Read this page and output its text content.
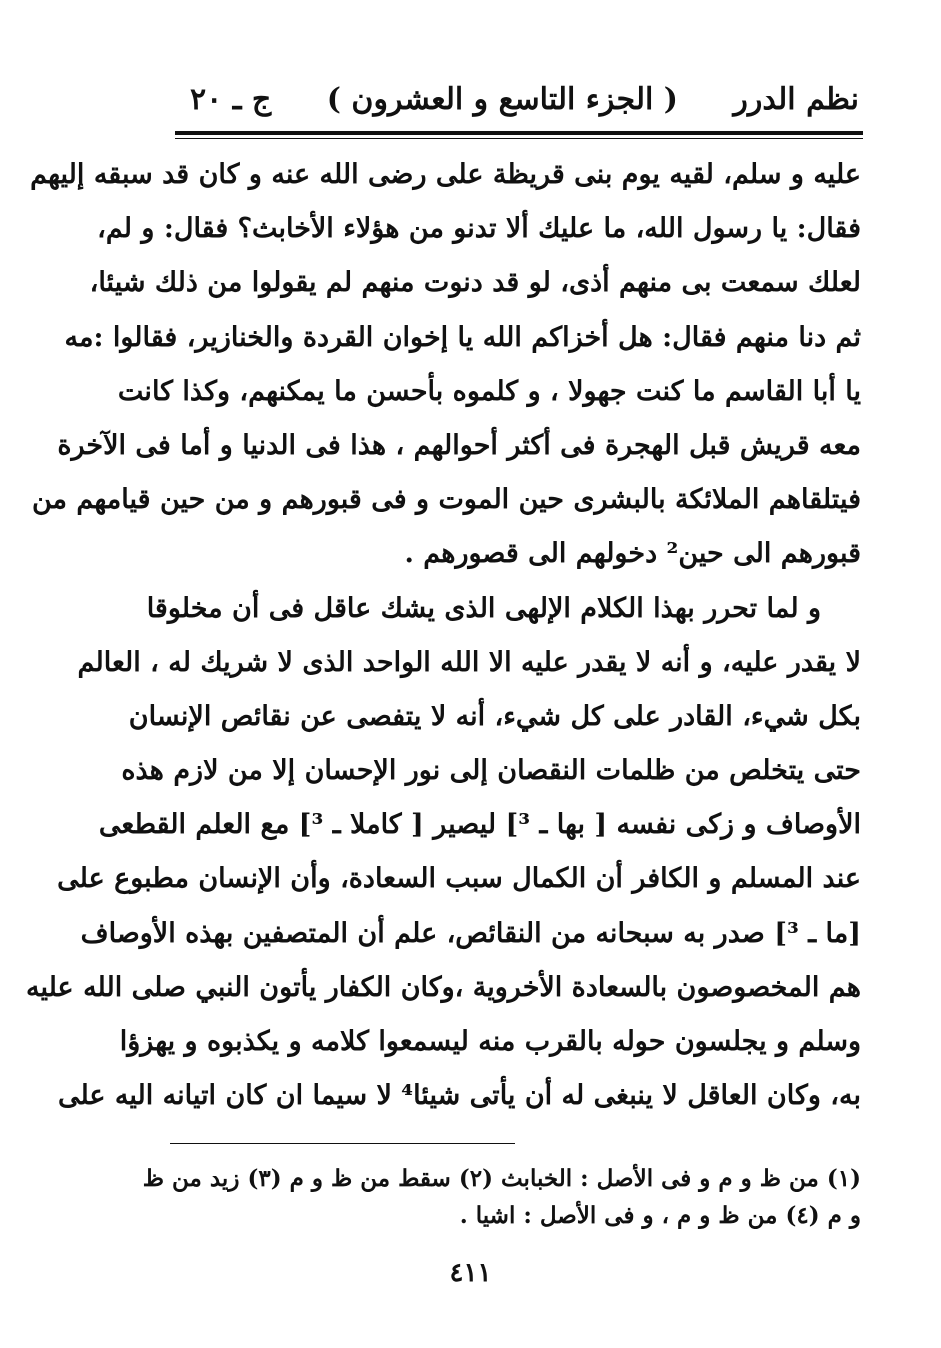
نظم الدرر
( الجزء التاسع و العشرون )
ج ـ ٢٠
عليه و سلم، لقيه يوم بنى قريظة على رضى الله عنه و كان قد سبقه إليهم
فقال: يا رسول الله، ما عليك ألا تدنو من هؤلاء الأخابث؟ فقال: و لم،
لعلك سمعت بى منهم أذى، لو قد دنوت منهم لم يقولوا من ذلك شيئا،
ثم دنا منهم فقال: هل أخزاكم الله يا إخوان القردة والخنازير، فقالوا :مه
يا أبا القاسم ما كنت جهولا ، و كلموه بأحسن ما يمكنهم، وكذا كانت
معه قريش قبل الهجرة فى أكثر أحوالهم ، هذا فى الدنيا و أما فى الآخرة
فيتلقاهم الملائكة بالبشرى حين الموت و فى قبورهم و من حين قيامهم من
قبورهم الى حين² دخولهم الى قصورهم .
و لما تحرر بهذا الكلام الإلهى الذى يشك عاقل فى أن مخلوقا
لا يقدر عليه، و أنه لا يقدر عليه الا الله الواحد الذى لا شريك له ، العالم
بكل شيء، القادر على كل شيء، أنه لا يتفصى عن نقائص الإنسان
حتى يتخلص من ظلمات النقصان إلى نور الإحسان إلا من لازم هذه
الأوصاف و زكى نفسه [ بها ـ ³] ليصير [ كاملا ـ ³] مع العلم القطعى
عند المسلم و الكافر أن الكمال سبب السعادة، وأن الإنسان مطبوع على
[ما ـ ³] صدر به سبحانه من النقائص، علم أن المتصفين بهذه الأوصاف
هم المخصوصون بالسعادة الأخروية ،وكان الكفار يأتون النبي صلى الله عليه
وسلم و يجلسون حوله بالقرب منه ليسمعوا كلامه و يكذبوه و يهزؤا
به، وكان العاقل لا ينبغى له أن يأتى شيئا⁴ لا سيما ان كان اتيانه اليه على
(١) من ظ و م و فى الأصل : الخبابث (٢) سقط من ظ و م (٣) زيد من ظ
و م (٤) من ظ و م ، و فى الأصل : اشيا .
٤١١
